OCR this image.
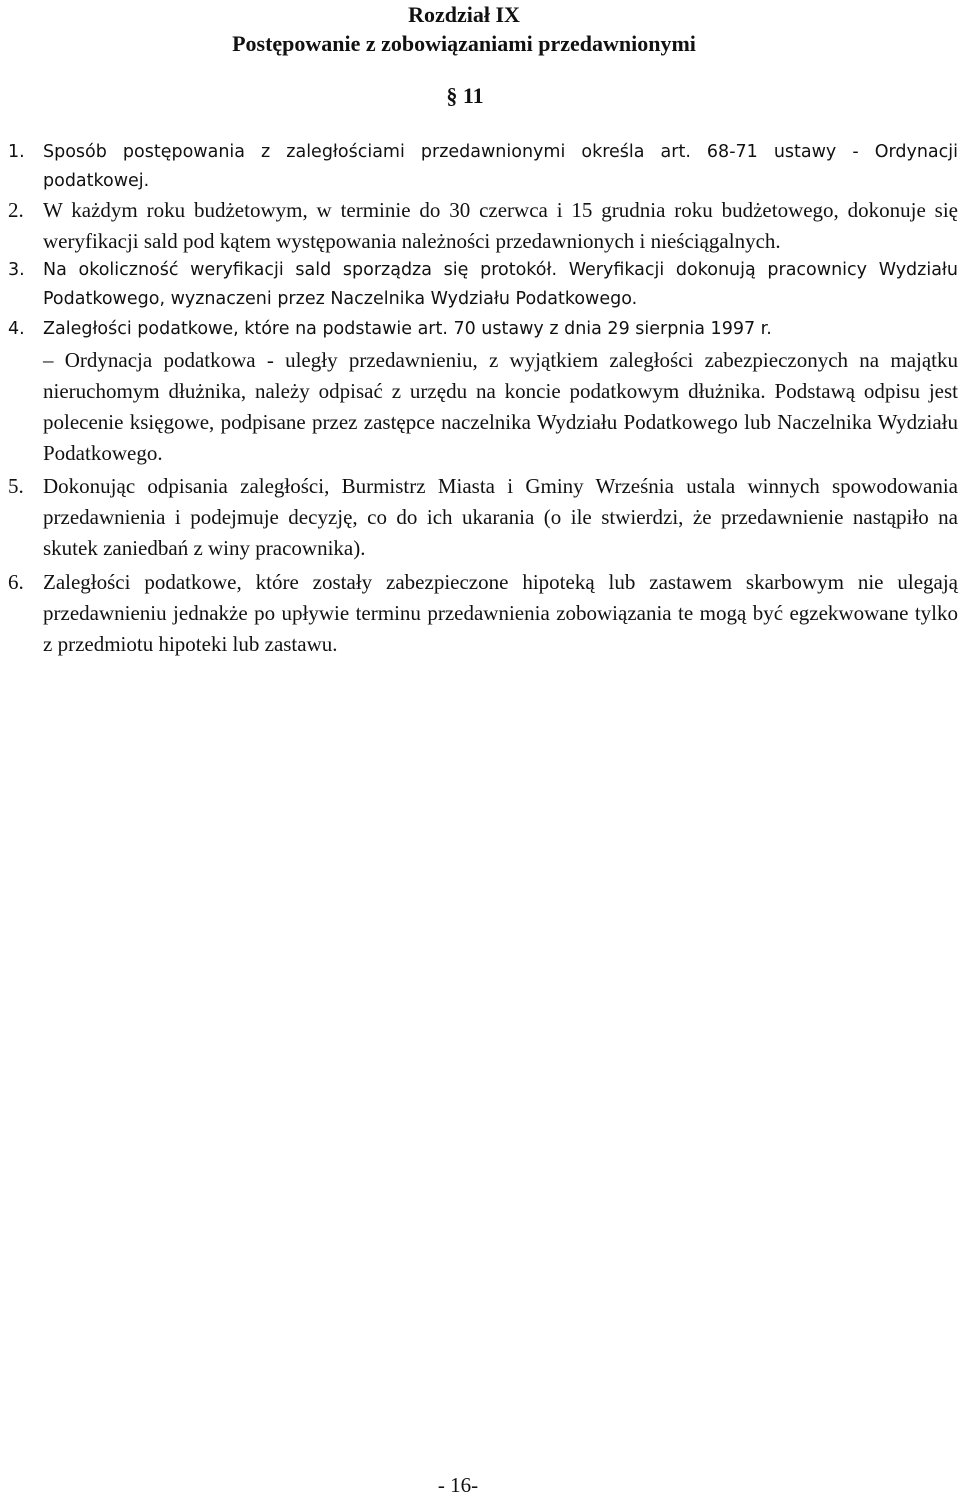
Rozdział IX
Postępowanie z zobowiązaniami przedawnionymi
§ 11
1. Sposób postępowania z zaległościami przedawnionymi określa art. 68-71 ustawy - Ordynacji podatkowej.
2. W każdym roku budżetowym, w terminie do 30 czerwca i 15 grudnia roku budżetowego, dokonuje się weryfikacji sald pod kątem występowania należności przedawnionych i nieściągalnych.
3. Na okoliczność weryfikacji sald sporządza się protokół. Weryfikacji dokonują pracownicy Wydziału Podatkowego, wyznaczeni przez Naczelnika Wydziału Podatkowego.
4. Zaległości podatkowe, które na podstawie art. 70 ustawy z dnia 29 sierpnia 1997 r.
– Ordynacja podatkowa - uległy przedawnieniu, z wyjątkiem zaległości zabezpieczonych na majątku nieruchomym dłużnika, należy odpisać z urzędu na koncie podatkowym dłużnika. Podstawą odpisu jest polecenie księgowe, podpisane przez zastępce naczelnika Wydziału Podatkowego lub Naczelnika Wydziału Podatkowego.
5. Dokonując odpisania zaległości, Burmistrz Miasta i Gminy Września ustala winnych spowodowania przedawnienia i podejmuje decyzję, co do ich ukarania (o ile stwierdzi, że przedawnienie nastąpiło na skutek zaniedbań z winy pracownika).
6. Zaległości podatkowe, które zostały zabezpieczone hipoteką lub zastawem skarbowym nie ulegają przedawnieniu jednakże po upływie terminu przedawnienia zobowiązania te mogą być egzekwowane tylko z przedmiotu hipoteki lub zastawu.
- 16-
